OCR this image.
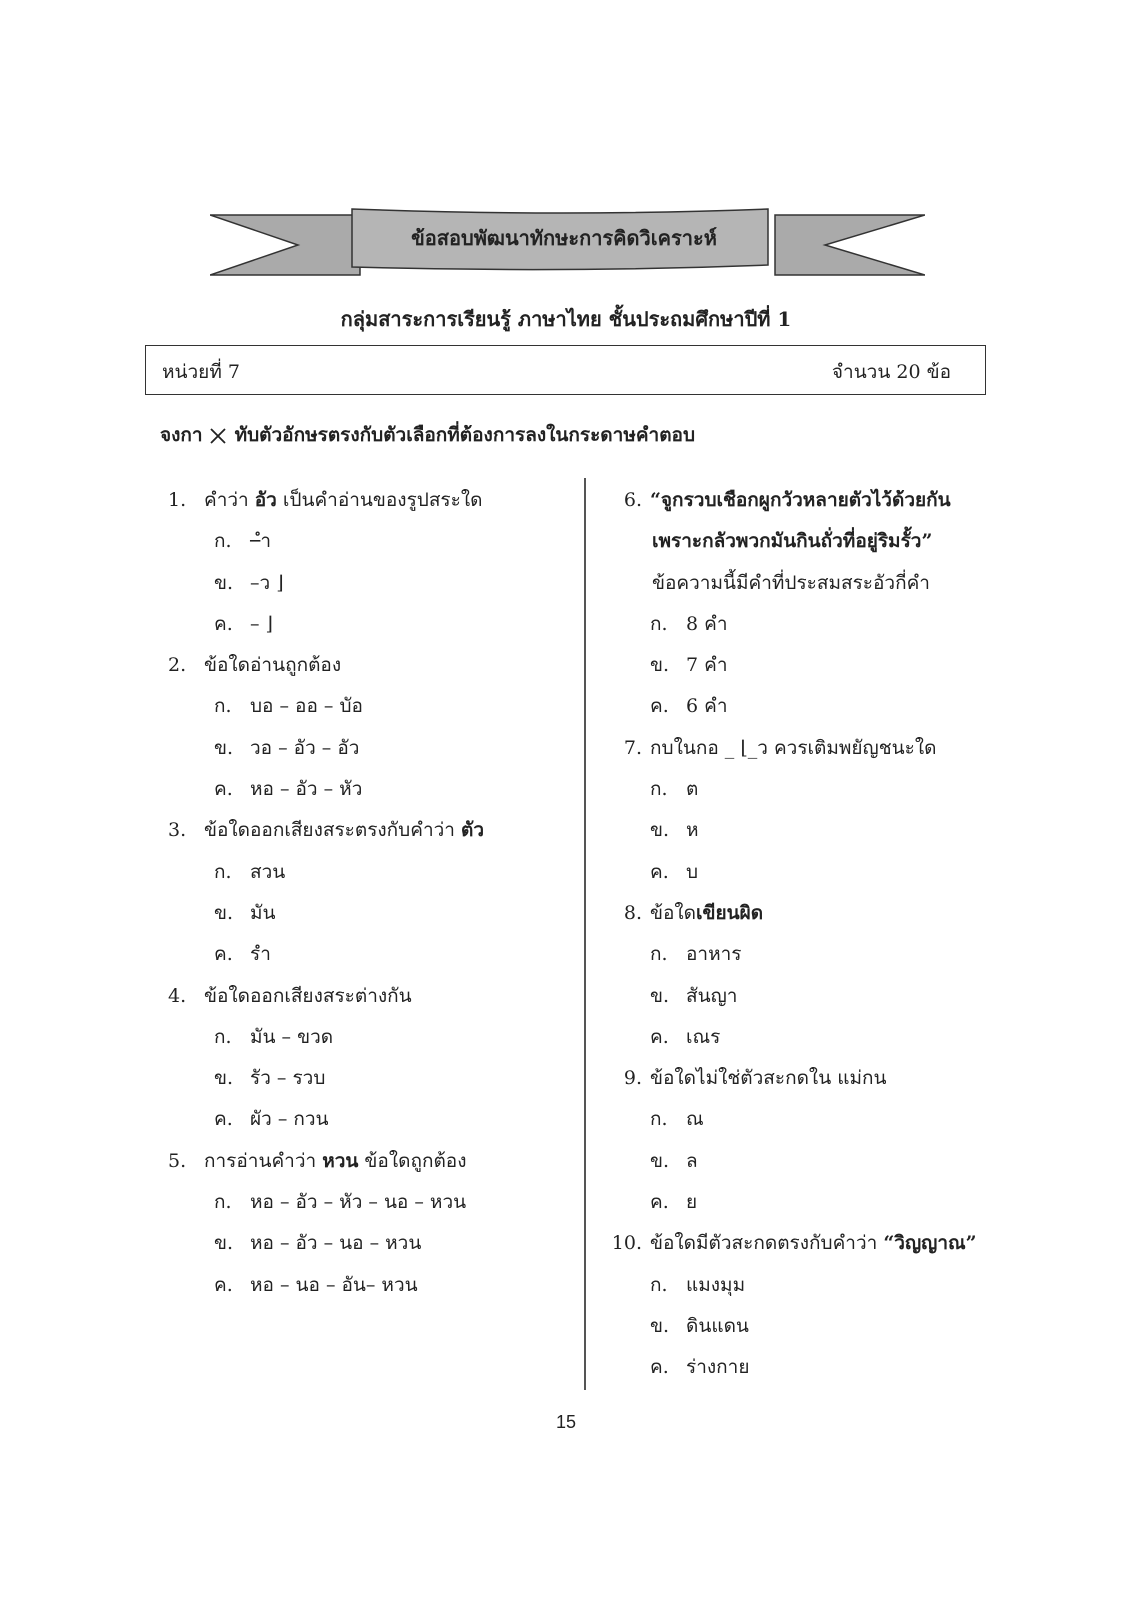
ข้อสอบพัฒนาทักษะการคิดวิเคราะห์
กลุ่มสาระการเรียนรู้ ภาษาไทย ชั้นประถมศึกษาปีที่ 1
หน่วยที่ 7	จำนวน 20 ข้อ
จงกา ทับตัวอักษรตรงกับตัวเลือกที่ต้องการลงในกระดาษคำตอบ
1. คำว่า อัว เป็นคำอ่านของรูปสระใด
ก. –ำ
ข. –ว ⌋
ค. – ⌋
2. ข้อใดอ่านถูกต้อง
ก. บอ – ออ – บัอ
ข. วอ – อัว – อัว
ค. หอ – อัว – หัว
3. ข้อใดออกเสียงสระตรงกับคำว่า ตัว
ก. สวน
ข. มัน
ค. รำ
4. ข้อใดออกเสียงสระต่างกัน
ก. มัน – ขวด
ข. รัว – รวบ
ค. ผัว – กวน
5. การอ่านคำว่า หวน ข้อใดถูกต้อง
ก. หอ – อัว – หัว – นอ – หวน
ข. หอ – อัว – นอ – หวน
ค. หอ – นอ – อัน– หวน
6. “จูกรวบเชือกผูกวัวหลายตัวไว้ด้วยกัน
เพราะกลัวพวกมันกินถั่วที่อยู่ริมรั้ว”
ข้อความนี้มีคำที่ประสมสระอัวกี่คำ
ก. 8 คำ
ข. 7 คำ
ค. 6 คำ
7. กบในกอ _ ⌊_ว ควรเติมพยัญชนะใด
ก. ต
ข. ห
ค. บ
8. ข้อใดเขียนผิด
ก. อาหาร
ข. สันญา
ค. เณร
9. ข้อใดไม่ใช่ตัวสะกดใน แม่กน
ก. ณ
ข. ล
ค. ย
10. ข้อใดมีตัวสะกดตรงกับคำว่า “วิญญาณ”
ก. แมงมุม
ข. ดินแดน
ค. ร่างกาย
15
